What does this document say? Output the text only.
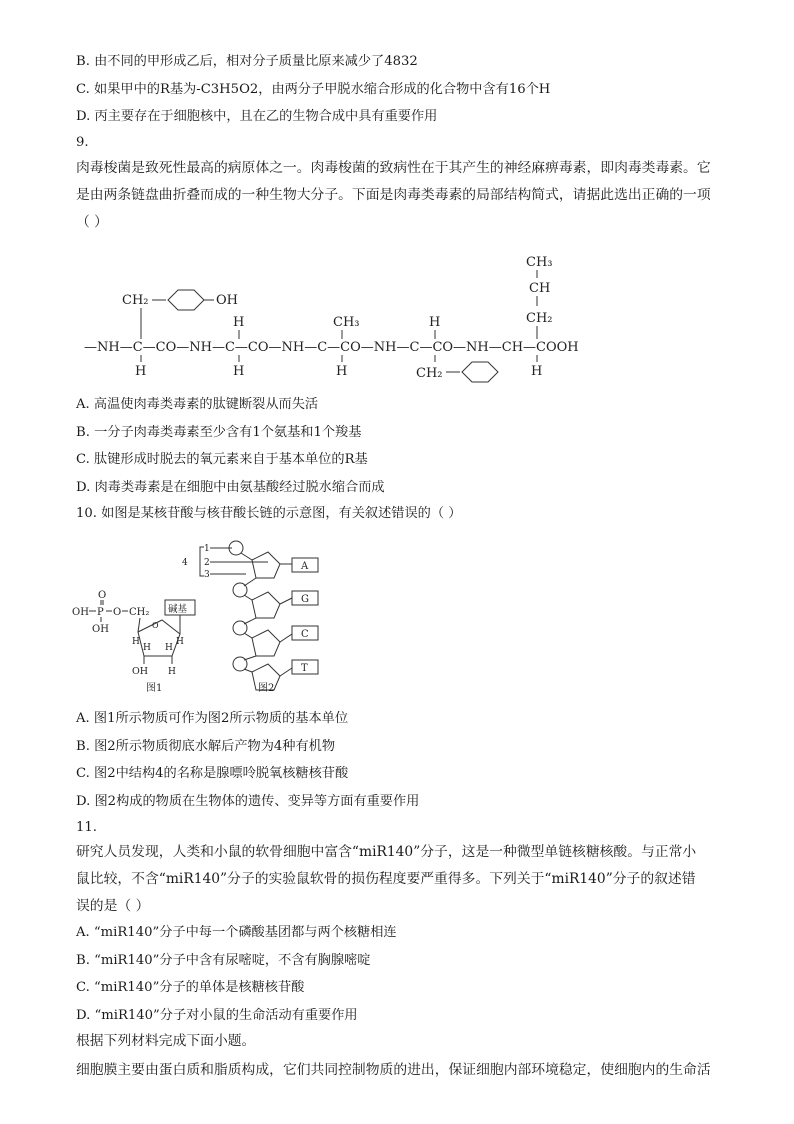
B. 由不同的甲形成乙后，相对分子质量比原来减少了4832
C. 如果甲中的R基为-C3H5O2，由两分子甲脱水缩合形成的化合物中含有16个H
D. 丙主要存在于细胞核中，且在乙的生物合成中具有重要作用
9.
肉毒梭菌是致死性最高的病原体之一。肉毒梭菌的致病性在于其产生的神经麻痹毒素，即肉毒类毒素。它
是由两条链盘曲折叠而成的一种生物大分子。下面是肉毒类毒素的局部结构简式，请据此选出正确的一项
（ ）
—NH—C—CO—NH—C—CO—NH—C—CO—NH—C—CO—NH—CH—COOH
CH₂	OH
H
H
H
CH₃
H
H
CH₂
CH₃
CH
CH₂
H
A. 高温使肉毒类毒素的肽键断裂从而失活
B. 一分子肉毒类毒素至少含有1个氨基和1个羧基
C. 肽键形成时脱去的氧元素来自于基本单位的R基
D. 肉毒类毒素是在细胞中由氨基酸经过脱水缩合而成
10. 如图是某核苷酸与核苷酸长链的示意图，有关叙述错误的（ ）
O
OH P O CH₂
OH
碱基
O
H	H
H H
OH H
图1
4
1
2
3
A
G
C
T
图2
A. 图1所示物质可作为图2所示物质的基本单位
B. 图2所示物质彻底水解后产物为4种有机物
C. 图2中结构4的名称是腺嘌呤脱氧核糖核苷酸
D. 图2构成的物质在生物体的遗传、变异等方面有重要作用
11.
研究人员发现，人类和小鼠的软骨细胞中富含“miR140”分子，这是一种微型单链核糖核酸。与正常小
鼠比较，不含“miR140”分子的实验鼠软骨的损伤程度要严重得多。下列关于“miR140”分子的叙述错
误的是（ ）
A. “miR140”分子中每一个磷酸基团都与两个核糖相连
B. “miR140”分子中含有尿嘧啶，不含有胸腺嘧啶
C. “miR140”分子的单体是核糖核苷酸
D. “miR140”分子对小鼠的生命活动有重要作用
根据下列材料完成下面小题。
细胞膜主要由蛋白质和脂质构成，它们共同控制物质的进出，保证细胞内部环境稳定，使细胞内的生命活
